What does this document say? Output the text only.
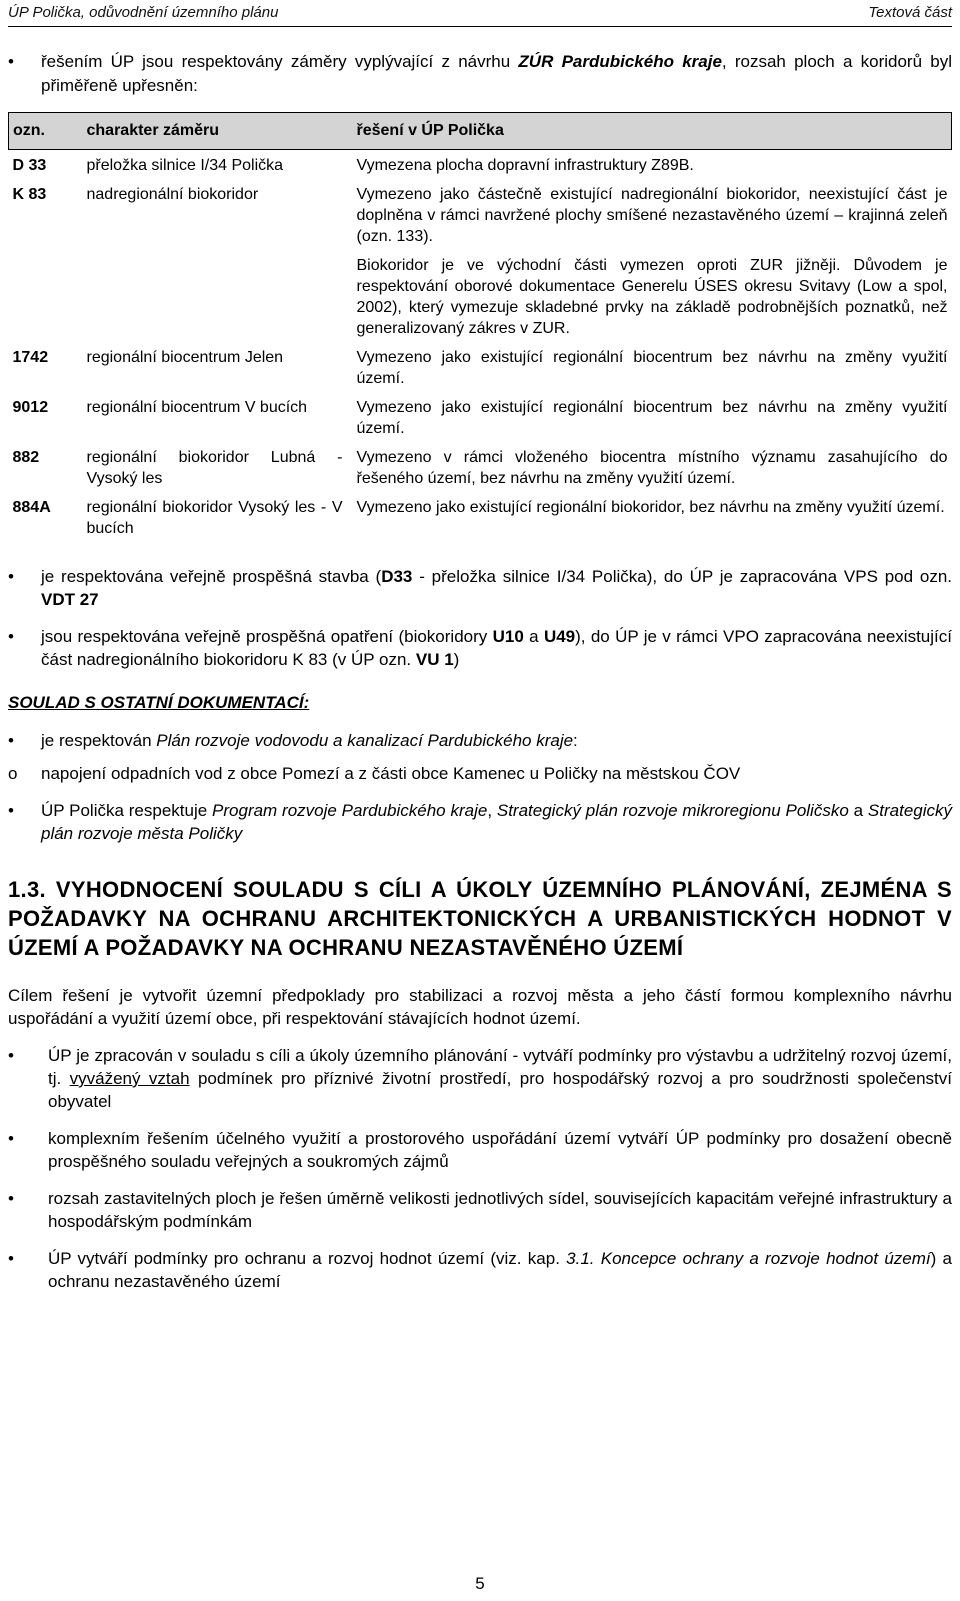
ÚP Polička, odůvodnění územního plánu	Textová část
• řešením ÚP jsou respektovány záměry vyplývající z návrhu ZÚR Pardubického kraje, rozsah ploch a koridorů byl přiměřeně upřesněn:
ozn.	charakter záměru	řešení v ÚP Polička
D 33	přeložka silnice I/34 Polička	Vymezena plocha dopravní infrastruktury Z89B.

K 83	nadregionální biokoridor	Vymezeno jako částečně existující nadregionální biokoridor, neexistující část je doplněna v rámci navržené plochy smíšené nezastavěného území – krajinná zeleň (ozn. 133).

Biokoridor je ve východní části vymezen oproti ZUR jižněji. Důvodem je respektování oborové dokumentace Generelu ÚSES okresu Svitavy (Low a spol, 2002), který vymezuje skladebné prvky na základě podrobnějších poznatků, než generalizovaný zákres v ZUR.

1742	regionální biocentrum Jelen	Vymezeno jako existující regionální biocentrum bez návrhu na změny využití území.

9012	regionální biocentrum V bucích	Vymezeno jako existující regionální biocentrum bez návrhu na změny využití území.

882	regionální biokoridor Lubná - Vysoký les	Vymezeno v rámci vloženého biocentra místního významu zasahujícího do řešeného území, bez návrhu na změny využití území.

884A	regionální biokoridor Vysoký les - V bucích	Vymezeno jako existující regionální biokoridor, bez návrhu na změny využití území.

• je respektována veřejně prospěšná stavba (D33 - přeložka silnice I/34 Polička), do ÚP je zapracována VPS pod ozn. VDT 27
• jsou respektována veřejně prospěšná opatření (biokoridory U10 a U49), do ÚP je v rámci VPO zapracována neexistující část nadregionálního biokoridoru K 83 (v ÚP ozn. VU 1)
SOULAD S OSTATNÍ DOKUMENTACÍ:
• je respektován Plán rozvoje vodovodu a kanalizací Pardubického kraje:
o napojení odpadních vod z obce Pomezí a z části obce Kamenec u Poličky na městskou ČOV
• ÚP Polička respektuje Program rozvoje Pardubického kraje, Strategický plán rozvoje mikroregionu Poličsko a Strategický plán rozvoje města Poličky
1.3. VYHODNOCENÍ SOULADU S CÍLI A ÚKOLY ÚZEMNÍHO PLÁNOVÁNÍ, ZEJMÉNA S POŽADAVKY NA OCHRANU ARCHITEKTONICKÝCH A URBANISTICKÝCH HODNOT V ÚZEMÍ A POŽADAVKY NA OCHRANU NEZASTAVĚNÉHO ÚZEMÍ

Cílem řešení je vytvořit územní předpoklady pro stabilizaci a rozvoj města a jeho částí formou komplexního návrhu uspořádání a využití území obce, při respektování stávajících hodnot území.

• ÚP je zpracován v souladu s cíli a úkoly územního plánování - vytváří podmínky pro výstavbu a udržitelný rozvoj území, tj. vyvážený vztah podmínek pro příznivé životní prostředí, pro hospodářský rozvoj a pro soudržnosti společenství obyvatel
• komplexním řešením účelného využití a prostorového uspořádání území vytváří ÚP podmínky pro dosažení obecně prospěšného souladu veřejných a soukromých zájmů
• rozsah zastavitelných ploch je řešen úměrně velikosti jednotlivých sídel, souvisejících kapacitám veřejné infrastruktury a hospodářským podmínkám
• ÚP vytváří podmínky pro ochranu a rozvoj hodnot území (viz. kap. 3.1. Koncepce ochrany a rozvoje hodnot území) a ochranu nezastavěného území
5
